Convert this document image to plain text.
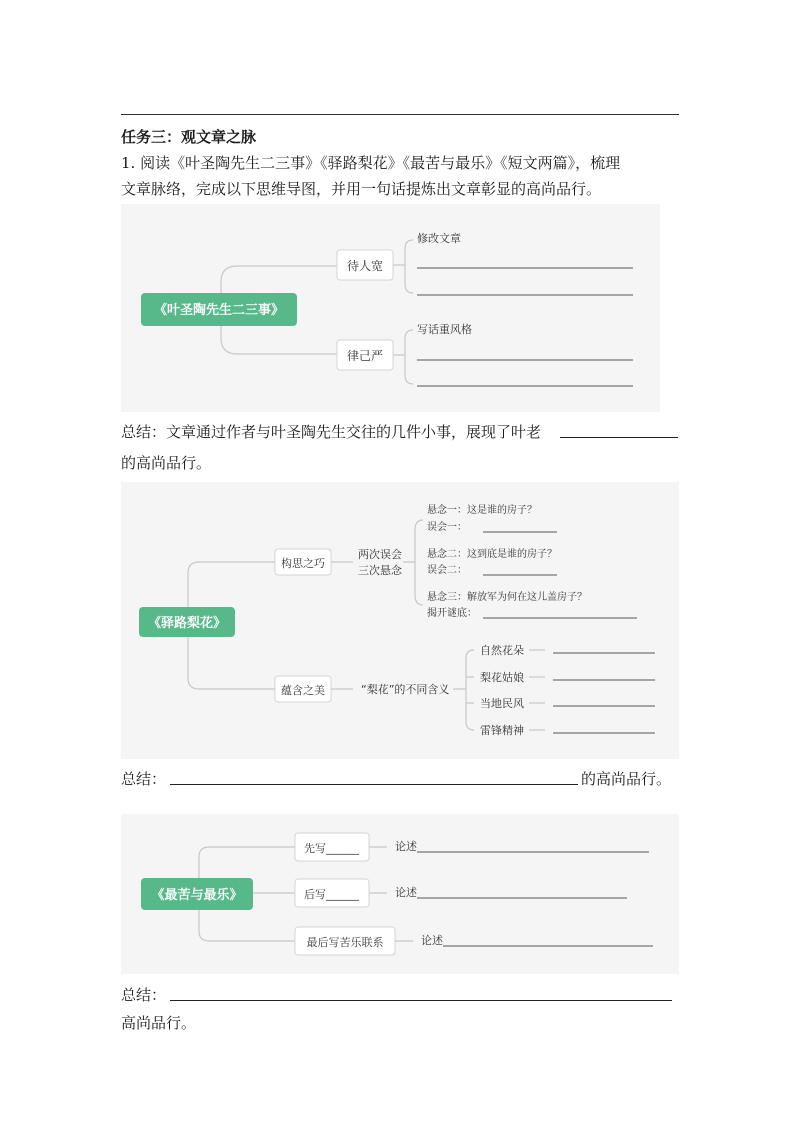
任务三：观文章之脉
1. 阅读《叶圣陶先生二三事》《驿路梨花》《最苦与最乐》《短文两篇》，梳理
文章脉络，完成以下思维导图，并用一句话提炼出文章彰显的高尚品行。
《叶圣陶先生二三事》
待人宽
修改文章
律己严
写话重风格
总结：文章通过作者与叶圣陶先生交往的几件小事，展现了叶老
的高尚品行。
《驿路梨花》
构思之巧
两次误会
三次悬念
悬念一：这是谁的房子？
误会一：
悬念二：这到底是谁的房子？
误会二：
悬念三：解放军为何在这儿盖房子？
揭开谜底：
蕴含之美	“梨花”的不同含义
自然花朵
梨花姑娘
当地民风
雷锋精神
总结：	的高尚品行。
《最苦与最乐》
先写______	论述
后写______	论述
最后写苦乐联系	论述
总结：
高尚品行。
